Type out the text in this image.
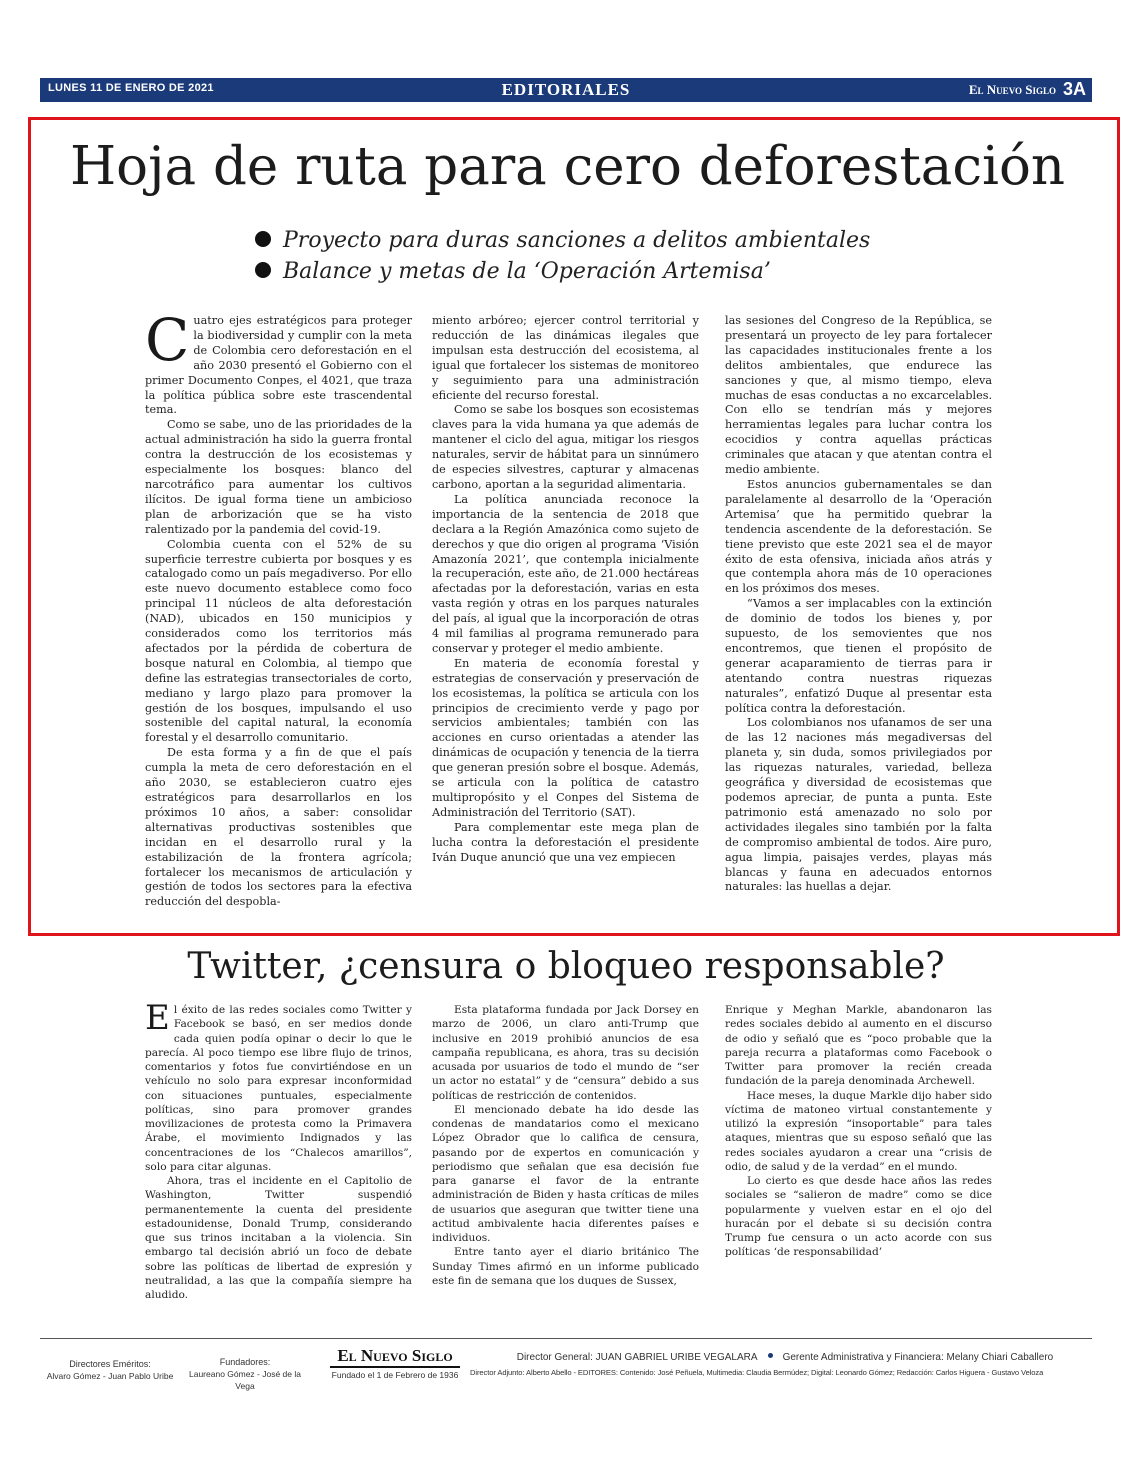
LUNES 11 DE ENERO DE 2021	EDITORIALES	El Nuevo Siglo 3A
Hoja de ruta para cero deforestación
Proyecto para duras sanciones a delitos ambientales
Balance y metas de la ‘Operación Artemisa’

Cuatro ejes estratégicos para proteger la biodiversidad y cumplir con la meta de Colombia cero deforestación en el año 2030 presentó el Gobierno con el primer Documento Conpes, el 4021, que traza la política pública sobre este trascendental tema.

Como se sabe, uno de las prioridades de la actual administración ha sido la guerra frontal contra la destrucción de los ecosistemas y especialmente los bosques: blanco del narcotráfico para aumentar los cultivos ilícitos. De igual forma tiene un ambicioso plan de arborización que se ha visto ralentizado por la pandemia del covid-19.

Colombia cuenta con el 52% de su superficie terrestre cubierta por bosques y es catalogado como un país megadiverso. Por ello este nuevo documento establece como foco principal 11 núcleos de alta deforestación (NAD), ubicados en 150 municipios y considerados como los territorios más afectados por la pérdida de cobertura de bosque natural en Colombia, al tiempo que define las estrategias transectoriales de corto, mediano y largo plazo para promover la gestión de los bosques, impulsando el uso sostenible del capital natural, la economía forestal y el desarrollo comunitario.

De esta forma y a fin de que el país cumpla la meta de cero deforestación en el año 2030, se establecieron cuatro ejes estratégicos para desarrollarlos en los próximos 10 años, a saber: consolidar alternativas productivas sostenibles que incidan en el desarrollo rural y la estabilización de la frontera agrícola; fortalecer los mecanismos de articulación y gestión de todos los sectores para la efectiva reducción del despobla-

miento arbóreo; ejercer control territorial y reducción de las dinámicas ilegales que impulsan esta destrucción del ecosistema, al igual que fortalecer los sistemas de monitoreo y seguimiento para una administración eficiente del recurso forestal.

Como se sabe los bosques son ecosistemas claves para la vida humana ya que además de mantener el ciclo del agua, mitigar los riesgos naturales, servir de hábitat para un sinnúmero de especies silvestres, capturar y almacenas carbono, aportan a la seguridad alimentaria.

La política anunciada reconoce la importancia de la sentencia de 2018 que declara a la Región Amazónica como sujeto de derechos y que dio origen al programa ‘Visión Amazonía 2021’, que contempla inicialmente la recuperación, este año, de 21.000 hectáreas afectadas por la deforestación, varias en esta vasta región y otras en los parques naturales del país, al igual que la incorporación de otras 4 mil familias al programa remunerado para conservar y proteger el medio ambiente.

En materia de economía forestal y estrategias de conservación y preservación de los ecosistemas, la política se articula con los principios de crecimiento verde y pago por servicios ambientales; también con las acciones en curso orientadas a atender las dinámicas de ocupación y tenencia de la tierra que generan presión sobre el bosque. Además, se articula con la política de catastro multipropósito y el Conpes del Sistema de Administración del Territorio (SAT).

Para complementar este mega plan de lucha contra la deforestación el presidente Iván Duque anunció que una vez empiecen

las sesiones del Congreso de la República, se presentará un proyecto de ley para fortalecer las capacidades institucionales frente a los delitos ambientales, que endurece las sanciones y que, al mismo tiempo, eleva muchas de esas conductas a no excarcelables. Con ello se tendrían más y mejores herramientas legales para luchar contra los ecocidios y contra aquellas prácticas criminales que atacan y que atentan contra el medio ambiente.

Estos anuncios gubernamentales se dan paralelamente al desarrollo de la ‘Operación Artemisa’ que ha permitido quebrar la tendencia ascendente de la deforestación. Se tiene previsto que este 2021 sea el de mayor éxito de esta ofensiva, iniciada años atrás y que contempla ahora más de 10 operaciones en los próximos dos meses.

“Vamos a ser implacables con la extinción de dominio de todos los bienes y, por supuesto, de los semovientes que nos encontremos, que tienen el propósito de generar acaparamiento de tierras para ir atentando contra nuestras riquezas naturales”, enfatizó Duque al presentar esta política contra la deforestación.

Los colombianos nos ufanamos de ser una de las 12 naciones más megadiversas del planeta y, sin duda, somos privilegiados por las riquezas naturales, variedad, belleza geográfica y diversidad de ecosistemas que podemos apreciar, de punta a punta. Este patrimonio está amenazado no solo por actividades ilegales sino también por la falta de compromiso ambiental de todos. Aire puro, agua limpia, paisajes verdes, playas más blancas y fauna en adecuados entornos naturales: las huellas a dejar.

Twitter, ¿censura o bloqueo responsable?

El éxito de las redes sociales como Twitter y Facebook se basó, en ser medios donde cada quien podía opinar o decir lo que le parecía. Al poco tiempo ese libre flujo de trinos, comentarios y fotos fue convirtiéndose en un vehículo no solo para expresar inconformidad con situaciones puntuales, especialmente políticas, sino para promover grandes movilizaciones de protesta como la Primavera Árabe, el movimiento Indignados y las concentraciones de los “Chalecos amarillos”, solo para citar algunas.

Ahora, tras el incidente en el Capitolio de Washington, Twitter suspendió permanentemente la cuenta del presidente estadounidense, Donald Trump, considerando que sus trinos incitaban a la violencia. Sin embargo tal decisión abrió un foco de debate sobre las políticas de libertad de expresión y neutralidad, a las que la compañía siempre ha aludido.

Esta plataforma fundada por Jack Dorsey en marzo de 2006, un claro anti-Trump que inclusive en 2019 prohibió anuncios de esa campaña republicana, es ahora, tras su decisión acusada por usuarios de todo el mundo de “ser un actor no estatal” y de “censura” debido a sus políticas de restricción de contenidos.

El mencionado debate ha ido desde las condenas de mandatarios como el mexicano López Obrador que lo califica de censura, pasando por de expertos en comunicación y periodismo que señalan que esa decisión fue para ganarse el favor de la entrante administración de Biden y hasta críticas de miles de usuarios que aseguran que twitter tiene una actitud ambivalente hacia diferentes países e individuos.

Entre tanto ayer el diario británico The Sunday Times afirmó en un informe publicado este fin de semana que los duques de Sussex,

Enrique y Meghan Markle, abandonaron las redes sociales debido al aumento en el discurso de odio y señaló que es “poco probable que la pareja recurra a plataformas como Facebook o Twitter para promover la recién creada fundación de la pareja denominada Archewell.

Hace meses, la duque Markle dijo haber sido víctima de matoneo virtual constantemente y utilizó la expresión “insoportable” para tales ataques, mientras que su esposo señaló que las redes sociales ayudaron a crear una “crisis de odio, de salud y de la verdad” en el mundo.

Lo cierto es que desde hace años las redes sociales se “salieron de madre” como se dice popularmente y vuelven estar en el ojo del huracán por el debate si su decisión contra Trump fue censura o un acto acorde con sus políticas ‘de responsabilidad’

Directores Eméritos:
Alvaro Gómez - Juan Pablo Uribe
Fundadores:
Laureano Gómez - José de la Vega
El Nuevo Siglo
Fundado el 1 de Febrero de 1936
Director General: JUAN GABRIEL URIBE VEGALARA	Gerente Administrativa y Financiera: Melany Chiari Caballero
Director Adjunto: Alberto Abello - EDITORES: Contenido: José Peñuela, Multimedia: Claudia Bermúdez; Digital: Leonardo Gómez; Redacción: Carlos Higuera - Gustavo Veloza
